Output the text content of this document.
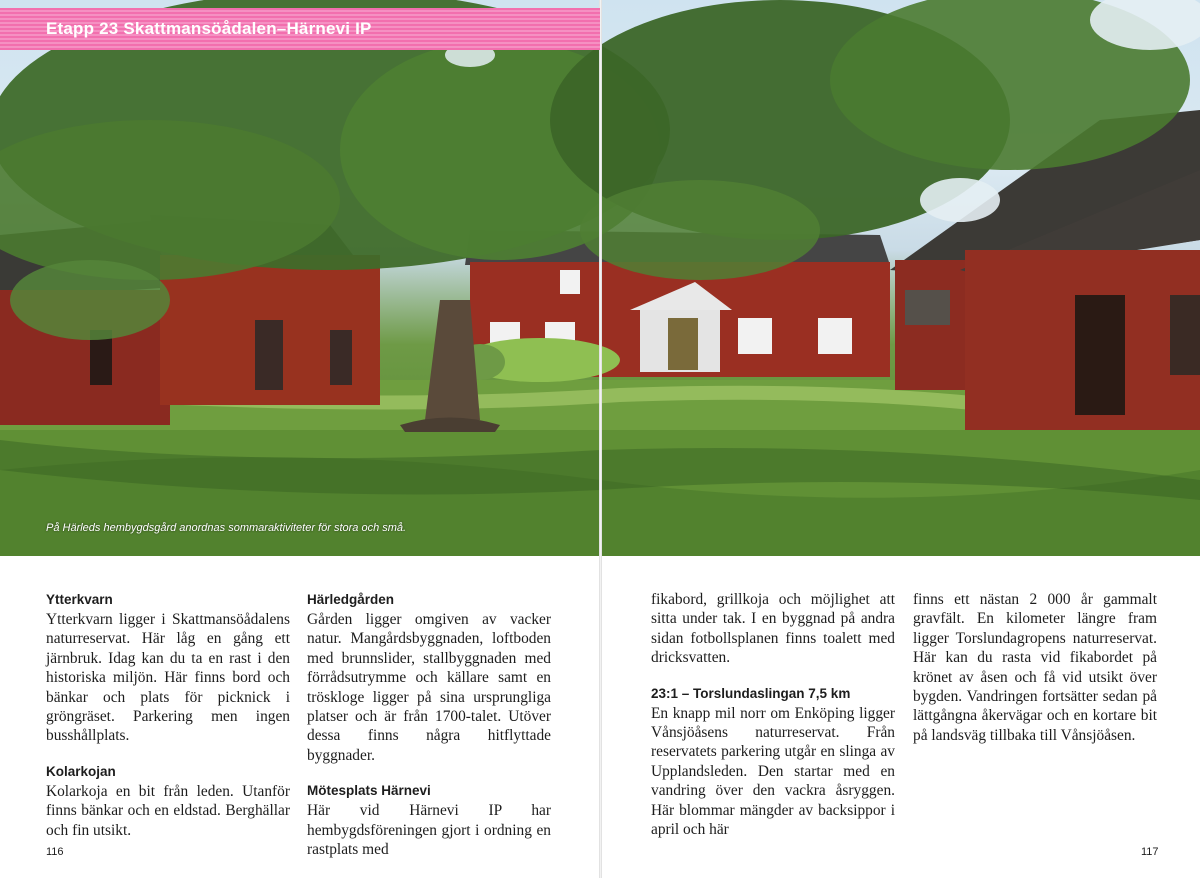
Etapp 23 Skattmansöådalen–Härnevi IP
På Härleds hembygdsgård anordnas sommaraktiviteter för stora och små.
Ytterkvarn

Ytterkvarn ligger i Skattmansöådalens naturreservat. Här låg en gång ett järnbruk. Idag kan du ta en rast i den historiska miljön. Här finns bord och bänkar och plats för picknick i gröngräset. Parkering men ingen busshållplats.

Kolarkojan

Kolarkoja en bit från leden. Utanför finns bänkar och en eldstad. Berghällar och fin utsikt.

Härledgården

Gården ligger omgiven av vacker natur. Mangårdsbyggnaden, loftboden med brunnslider, stallbyggnaden med förrådsutrymme och källare samt en tröskloge ligger på sina ursprungliga platser och är från 1700-talet. Utöver dessa finns några hitflyttade byggnader.

Mötesplats Härnevi

Här vid Härnevi IP har hembygdsföreningen gjort i ordning en rastplats med

116

fikabord, grillkoja och möjlighet att sitta under tak. I en byggnad på andra sidan fotbollsplanen finns toalett med dricksvatten.

23:1 – Torslundaslingan 7,5 km

En knapp mil norr om Enköping ligger Vånsjöåsens naturreservat. Från reservatets parkering utgår en slinga av Upplandsleden. Den startar med en vandring över den vackra åsryggen. Här blommar mängder av backsippor i april och här

finns ett nästan 2 000 år gammalt gravfält. En kilometer längre fram ligger Torslundagropens naturreservat. Här kan du rasta vid fikabordet på krönet av åsen och få vid utsikt över bygden. Vandringen fortsätter sedan på lättgångna åkervägar och en kortare bit på landsväg tillbaka till Vånsjöåsen.

117
